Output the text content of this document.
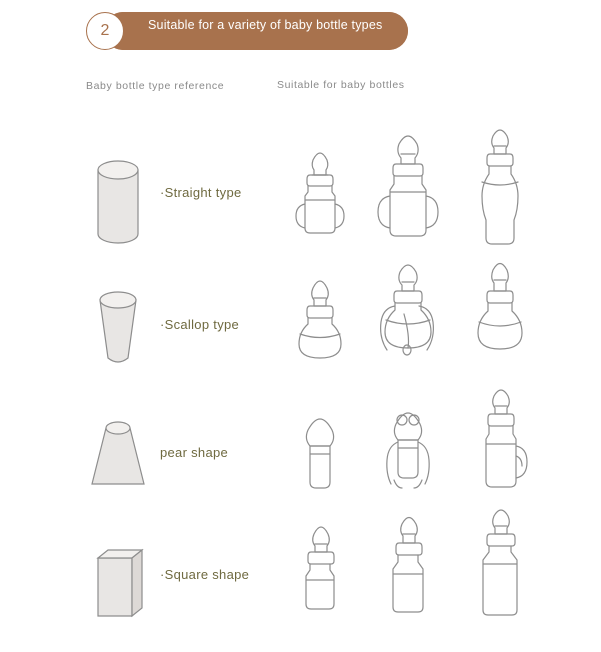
2	Suitable for a variety of baby bottle types
Baby bottle type reference	Suitable for baby bottles
·Straight type
·Scallop type
pear shape
·Square shape
